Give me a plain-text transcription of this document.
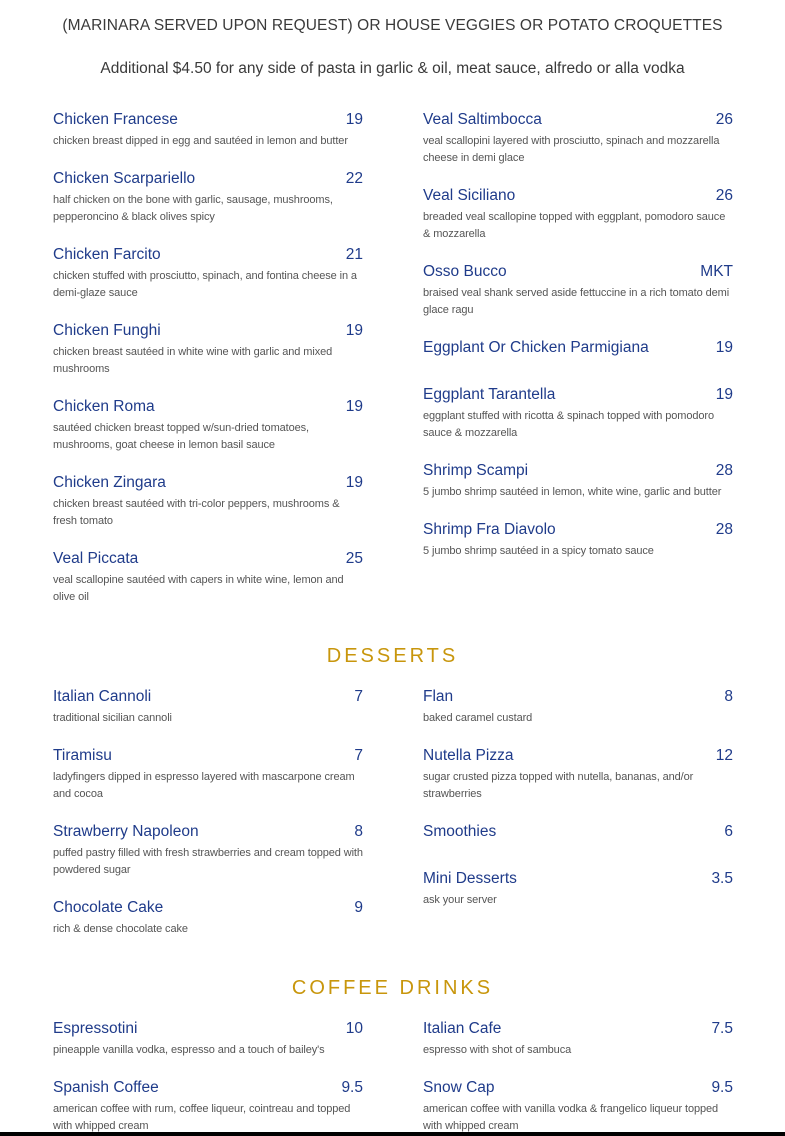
(MARINARA SERVED UPON REQUEST) OR HOUSE VEGGIES OR POTATO CROQUETTES
Additional $4.50 for any side of pasta in garlic & oil, meat sauce, alfredo or alla vodka
Chicken Francese	19
chicken breast dipped in egg and sautéed in lemon and butter
Chicken Scarpariello	22
half chicken on the bone with garlic, sausage, mushrooms, pepperoncino & black olives spicy
Chicken Farcito	21
chicken stuffed with prosciutto, spinach, and fontina cheese in a demi-glaze sauce
Chicken Funghi	19
chicken breast sautéed in white wine with garlic and mixed mushrooms
Chicken Roma	19
sautéed chicken breast topped w/sun-dried tomatoes, mushrooms, goat cheese in lemon basil sauce
Chicken Zingara	19
chicken breast sautéed with tri-color peppers, mushrooms & fresh tomato
Veal Piccata	25
veal scallopine sautéed with capers in white wine, lemon and olive oil
Veal Saltimbocca	26
veal scallopini layered with prosciutto, spinach and mozzarella cheese in demi glace
Veal Siciliano	26
breaded veal scallopine topped with eggplant, pomodoro sauce & mozzarella
Osso Bucco	MKT
braised veal shank served aside fettuccine in a rich tomato demi glace ragu
Eggplant Or Chicken Parmigiana	19
Eggplant Tarantella	19
eggplant stuffed with ricotta & spinach topped with pomodoro sauce & mozzarella
Shrimp Scampi	28
5 jumbo shrimp sautéed in lemon, white wine, garlic and butter
Shrimp Fra Diavolo	28
5 jumbo shrimp sautéed in a spicy tomato sauce
DESSERTS
Italian Cannoli	7
traditional sicilian cannoli
Tiramisu	7
ladyfingers dipped in espresso layered with mascarpone cream and cocoa
Strawberry Napoleon	8
puffed pastry filled with fresh strawberries and cream topped with powdered sugar
Chocolate Cake	9
rich & dense chocolate cake
Flan	8
baked caramel custard
Nutella Pizza	12
sugar crusted pizza topped with nutella, bananas, and/or strawberries
Smoothies	6
Mini Desserts	3.5
ask your server
COFFEE DRINKS
Espressotini	10
pineapple vanilla vodka, espresso and a touch of bailey's
Spanish Coffee	9.5
american coffee with rum, coffee liqueur, cointreau and topped with whipped cream
Italian Cafe	7.5
espresso with shot of sambuca
Snow Cap	9.5
american coffee with vanilla vodka & frangelico liqueur topped with whipped cream
